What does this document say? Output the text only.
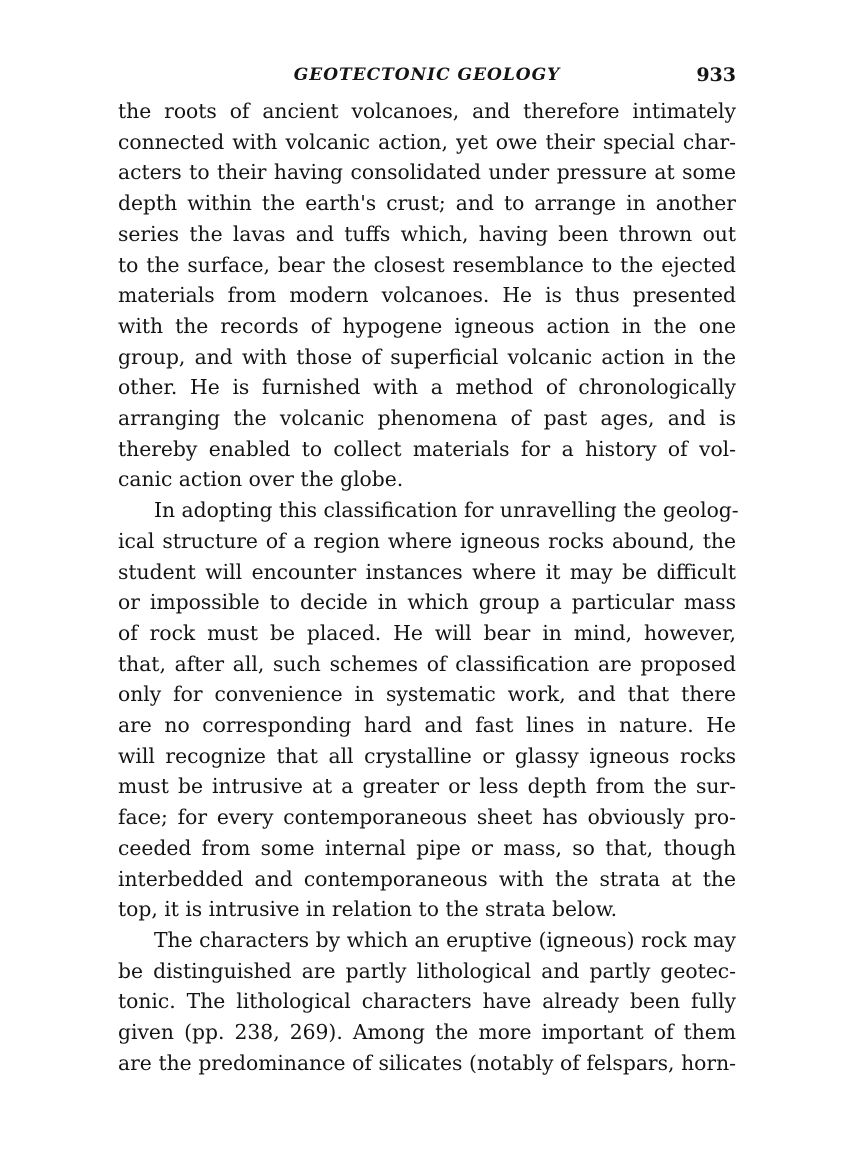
GEOTECTONIC GEOLOGY	933
the roots of ancient volcanoes, and therefore intimately
connected with volcanic action, yet owe their special char-
acters to their having consolidated under pressure at some
depth within the earth's crust; and to arrange in another
series the lavas and tuffs which, having been thrown out
to the surface, bear the closest resemblance to the ejected
materials from modern volcanoes. He is thus presented
with the records of hypogene igneous action in the one
group, and with those of superficial volcanic action in the
other. He is furnished with a method of chronologically
arranging the volcanic phenomena of past ages, and is
thereby enabled to collect materials for a history of vol-
canic action over the globe.
In adopting this classification for unravelling the geolog-
ical structure of a region where igneous rocks abound, the
student will encounter instances where it may be difficult
or impossible to decide in which group a particular mass
of rock must be placed. He will bear in mind, however,
that, after all, such schemes of classification are proposed
only for convenience in systematic work, and that there
are no corresponding hard and fast lines in nature. He
will recognize that all crystalline or glassy igneous rocks
must be intrusive at a greater or less depth from the sur-
face; for every contemporaneous sheet has obviously pro-
ceeded from some internal pipe or mass, so that, though
interbedded and contemporaneous with the strata at the
top, it is intrusive in relation to the strata below.
The characters by which an eruptive (igneous) rock may
be distinguished are partly lithological and partly geotec-
tonic. The lithological characters have already been fully
given (pp. 238, 269). Among the more important of them
are the predominance of silicates (notably of felspars, horn-
